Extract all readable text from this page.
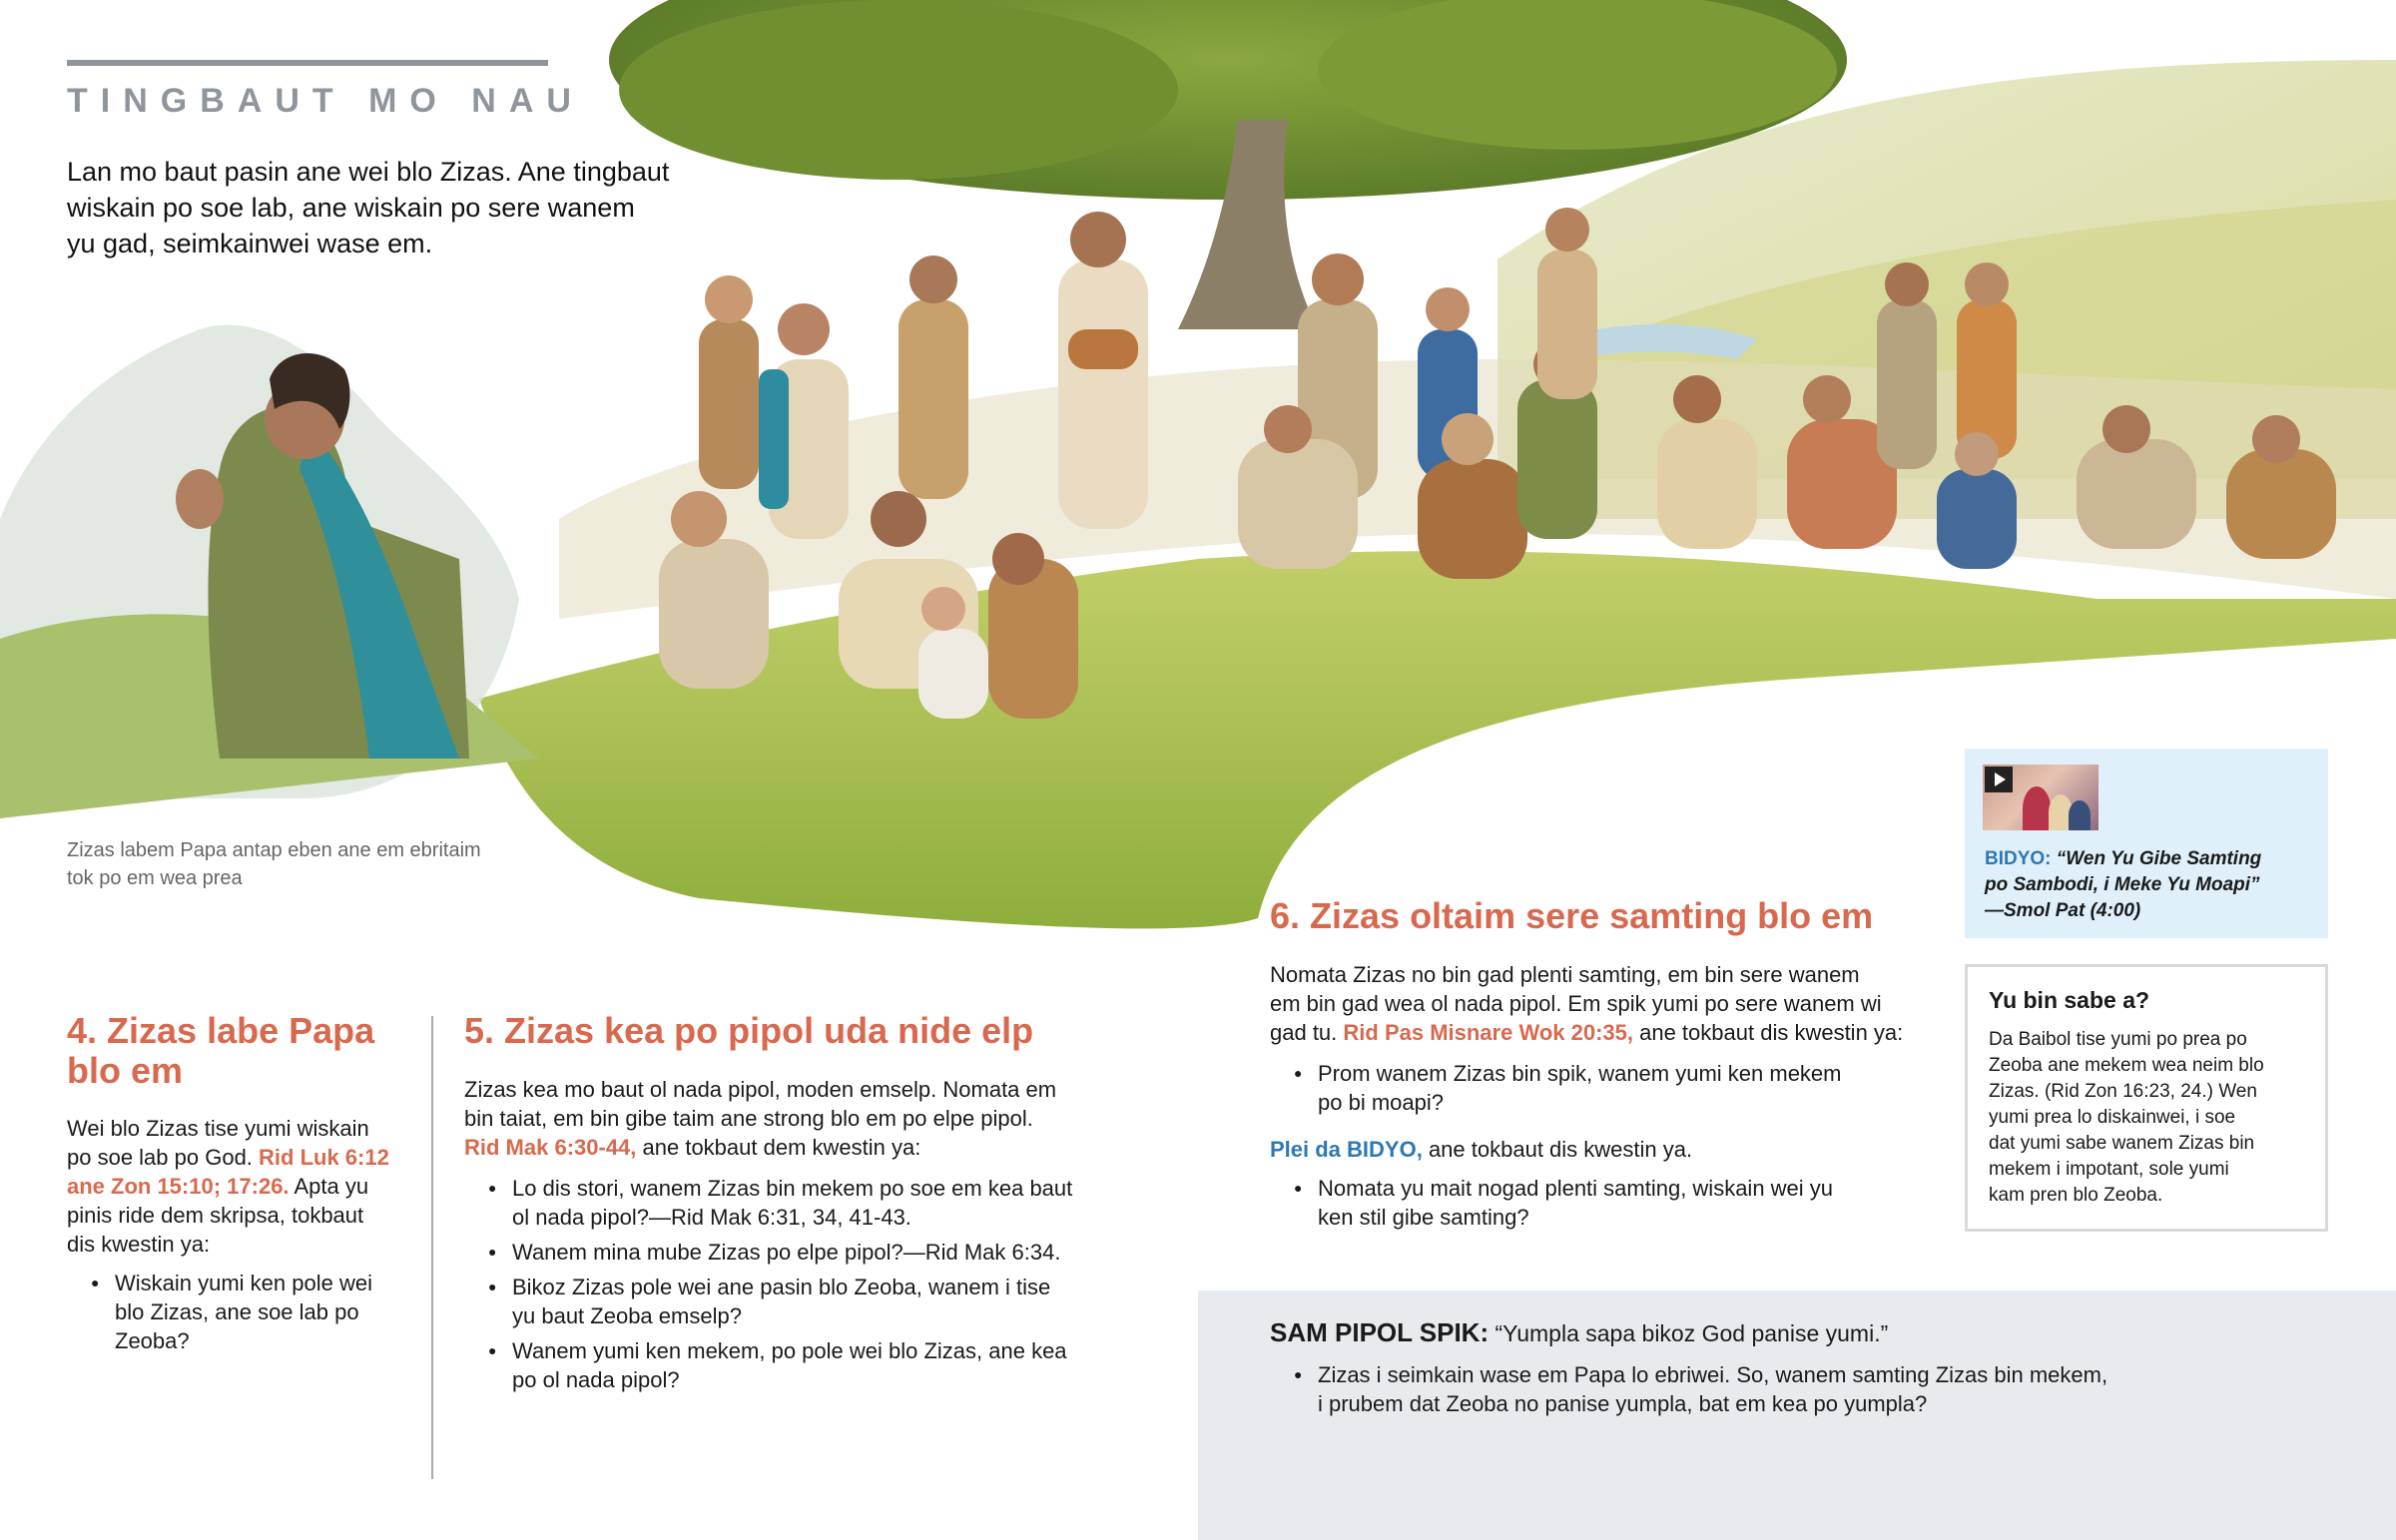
TINGBAUT MO NAU
Lan mo baut pasin ane wei blo Zizas. Ane tingbaut
wiskain po soe lab, ane wiskain po sere wanem
yu gad, seimkainwei wase em.
Zizas labem Papa antap eben ane em ebritaim
tok po em wea prea
4. Zizas labe Papa
blo em
Wei blo Zizas tise yumi wiskain
po soe lab po God. Rid Luk 6:12
ane Zon 15:10; 17:26. Apta yu
pinis ride dem skripsa, tokbaut
dis kwestin ya:
● Wiskain yumi ken pole wei
blo Zizas, ane soe lab po
Zeoba?
5. Zizas kea po pipol uda nide elp
Zizas kea mo baut ol nada pipol, moden emselp. Nomata em
bin taiat, em bin gibe taim ane strong blo em po elpe pipol.
Rid Mak 6:30-44, ane tokbaut dem kwestin ya:
● Lo dis stori, wanem Zizas bin mekem po soe em kea baut
ol nada pipol?—Rid Mak 6:31, 34, 41-43.
● Wanem mina mube Zizas po elpe pipol?—Rid Mak 6:34.
● Bikoz Zizas pole wei ane pasin blo Zeoba, wanem i tise
yu baut Zeoba emselp?
● Wanem yumi ken mekem, po pole wei blo Zizas, ane kea
po ol nada pipol?
6. Zizas oltaim sere samting blo em
Nomata Zizas no bin gad plenti samting, em bin sere wanem
em bin gad wea ol nada pipol. Em spik yumi po sere wanem wi
gad tu. Rid Pas Misnare Wok 20:35, ane tokbaut dis kwestin ya:
● Prom wanem Zizas bin spik, wanem yumi ken mekem
po bi moapi?
Plei da BIDYO, ane tokbaut dis kwestin ya.
● Nomata yu mait nogad plenti samting, wiskain wei yu
ken stil gibe samting?
BIDYO: “Wen Yu Gibe Samting
po Sambodi, i Meke Yu Moapi”
—Smol Pat (4:00)
Yu bin sabe a?
Da Baibol tise yumi po prea po
Zeoba ane mekem wea neim blo
Zizas. (Rid Zon 16:23, 24.) Wen
yumi prea lo diskainwei, i soe
dat yumi sabe wanem Zizas bin
mekem i impotant, sole yumi
kam pren blo Zeoba.
SAM PIPOL SPIK: “Yumpla sapa bikoz God panise yumi.”
● Zizas i seimkain wase em Papa lo ebriwei. So, wanem samting Zizas bin mekem,
i prubem dat Zeoba no panise yumpla, bat em kea po yumpla?
